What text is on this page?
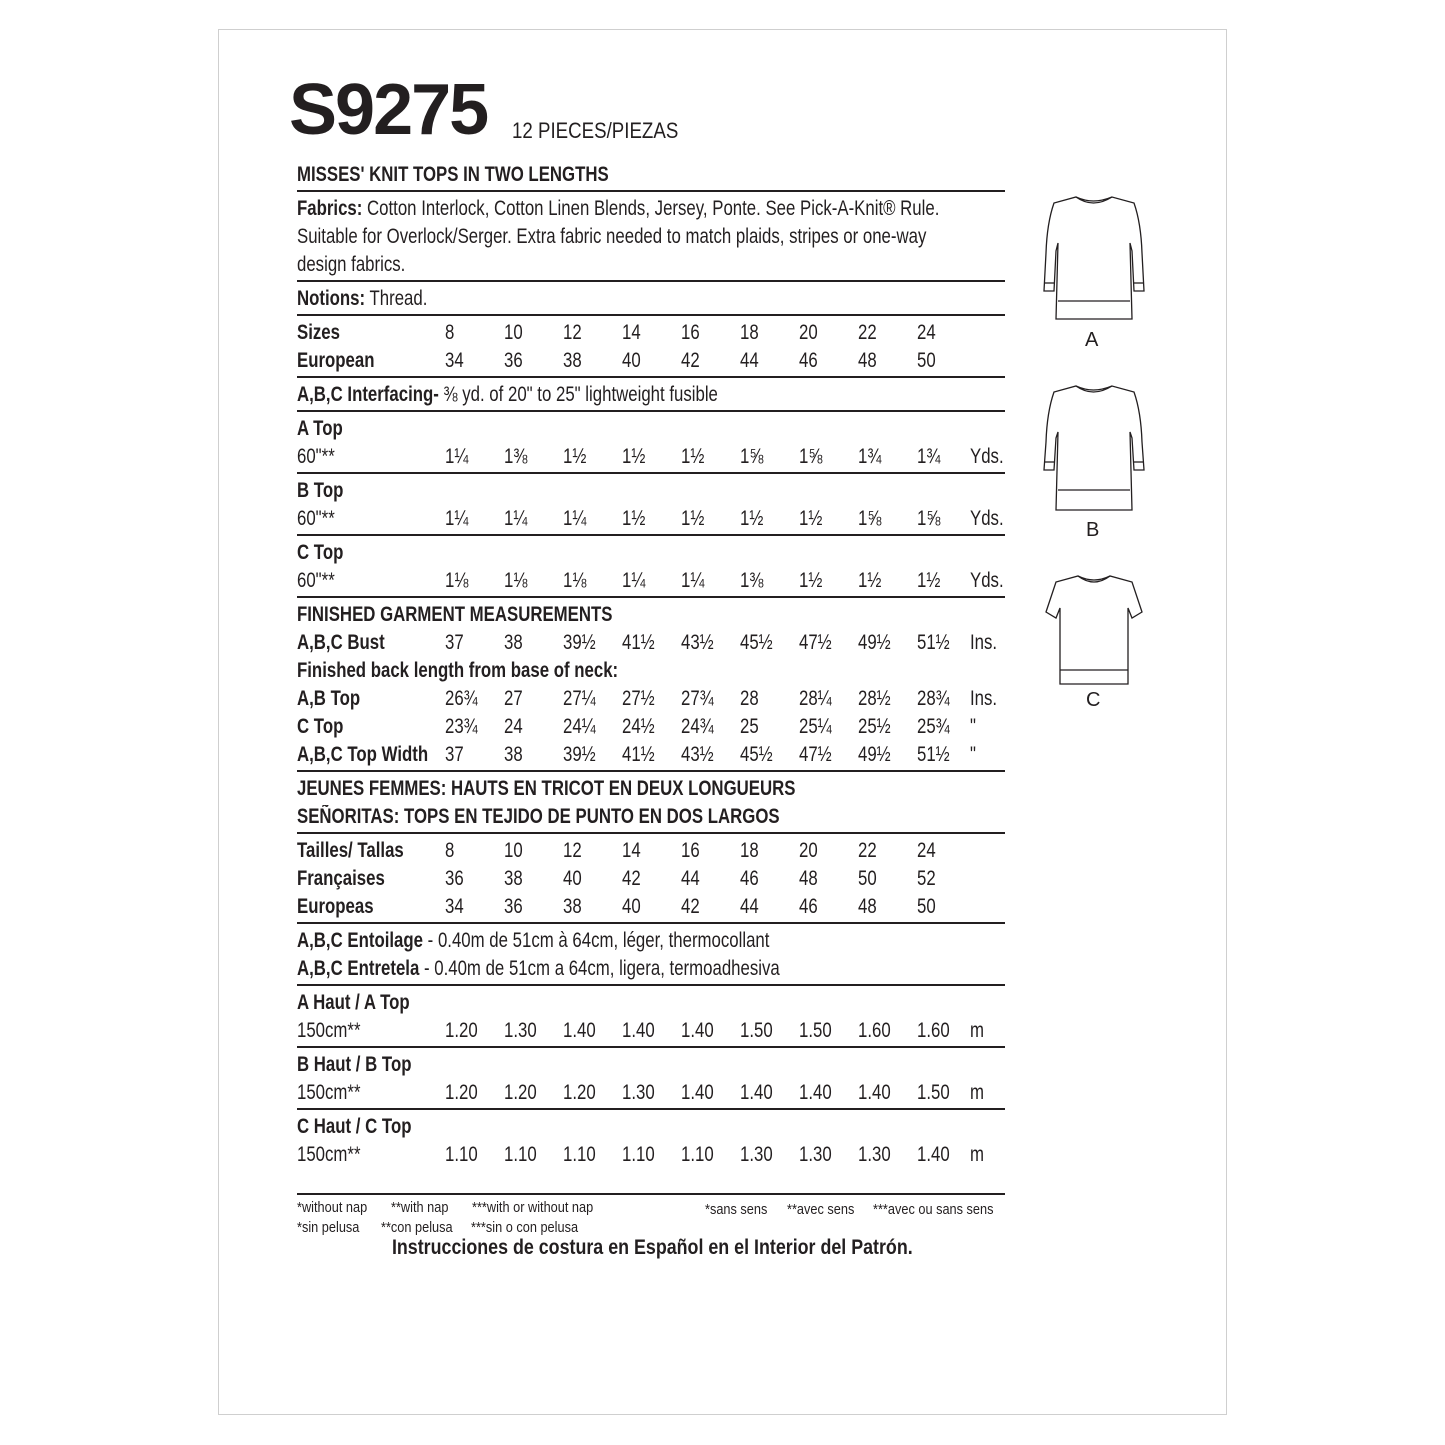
S9275 12 PIECES/PIEZAS
MISSES' KNIT TOPS IN TWO LENGTHS
Fabrics: Cotton Interlock, Cotton Linen Blends, Jersey, Ponte. See Pick-A-Knit® Rule.
Suitable for Overlock/Serger. Extra fabric needed to match plaids, stripes or one-way
design fabrics.
Notions: Thread.
Sizes	8	10	12	14	16	18	20	22	24
European	34	36	38	40	42	44	46	48	50
A,B,C Interfacing- ⅜ yd. of 20" to 25" lightweight fusible
A Top
60"**	1¼	1⅜	1½	1½	1½	1⅝	1⅝	1¾	1¾	Yds.
B Top
60"**	1¼	1¼	1¼	1½	1½	1½	1½	1⅝	1⅝	Yds.
C Top
60"**	1⅛	1⅛	1⅛	1¼	1¼	1⅜	1½	1½	1½	Yds.
FINISHED GARMENT MEASUREMENTS
A,B,C Bust	37	38	39½	41½	43½	45½	47½	49½	51½ Ins.
Finished back length from base of neck:
A,B Top	26¾	27	27¼	27½	27¾	28	28¼	28½	28¾ Ins.
C Top	23¾	24	24¼	24½	24¾	25	25¼	25½	25¾ "
A,B,C Top Width 37	38	39½	41½	43½	45½	47½	49½	51½ "
JEUNES FEMMES: HAUTS EN TRICOT EN DEUX LONGUEURS
SEÑORITAS: TOPS EN TEJIDO DE PUNTO EN DOS LARGOS
Tailles/ Tallas 8	10	12	14	16	18	20	22	24
Françaises	36	38	40	42	44	46	48	50	52
Europeas	34	36	38	40	42	44	46	48	50
A,B,C Entoilage - 0.40m de 51cm à 64cm, léger, thermocollant
A,B,C Entretela - 0.40m de 51cm a 64cm, ligera, termoadhesiva
A Haut / A Top
150cm**	1.20	1.30	1.40	1.40	1.40	1.50	1.50	1.60	1.60 m
B Haut / B Top
150cm**	1.20	1.20	1.20	1.30	1.40	1.40	1.40	1.40	1.50 m
C Haut / C Top
150cm**	1.10	1.10	1.10	1.10	1.10	1.30	1.30	1.30	1.40 m
*without nap **with nap ***with or without nap	*sans sens **avec sens ***avec ou sans sens
*sin pelusa **con pelusa ***sin o con pelusa
Instrucciones de costura en Español en el Interior del Patrón.
A
B
C
